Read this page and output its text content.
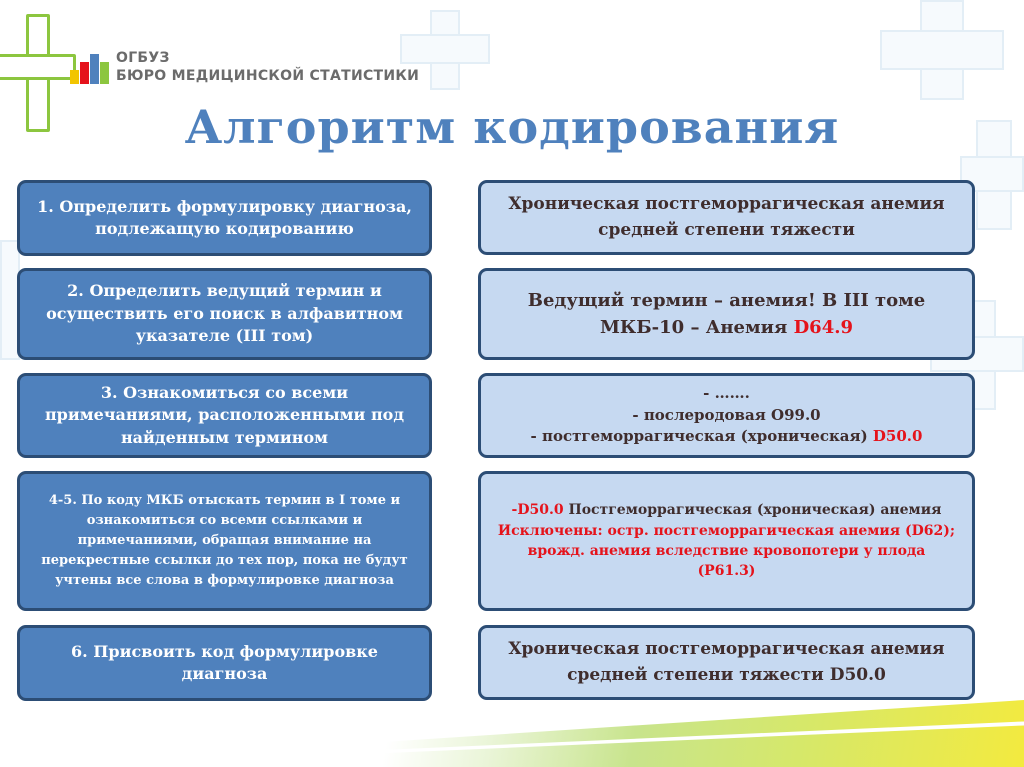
ОГБУЗ
БЮРО МЕДИЦИНСКОЙ СТАТИСТИКИ
Алгоритм кодирования
1. Определить формулировку диагноза, подлежащую кодированию
2. Определить ведущий термин и осуществить его поиск в алфавитном указателе (III том)
3. Ознакомиться со всеми примечаниями, расположенными под найденным термином
4-5. По коду МКБ отыскать термин в I томе и ознакомиться со всеми ссылками и примечаниями, обращая внимание на перекрестные ссылки до тех пор, пока не будут учтены все слова в формулировке диагноза
6. Присвоить код формулировке диагноза
Хроническая постгеморрагическая анемия средней степени тяжести
Ведущий термин – анемия! В III томе МКБ-10 – Анемия D64.9
- …….
- послеродовая O99.0
- постгеморрагическая (хроническая) D50.0
-D50.0 Постгеморрагическая (хроническая) анемия
Исключены: остр. постгеморрагическая анемия (D62); врожд. анемия вследствие кровопотери у плода (P61.3)
Хроническая постгеморрагическая анемия средней степени тяжести D50.0
